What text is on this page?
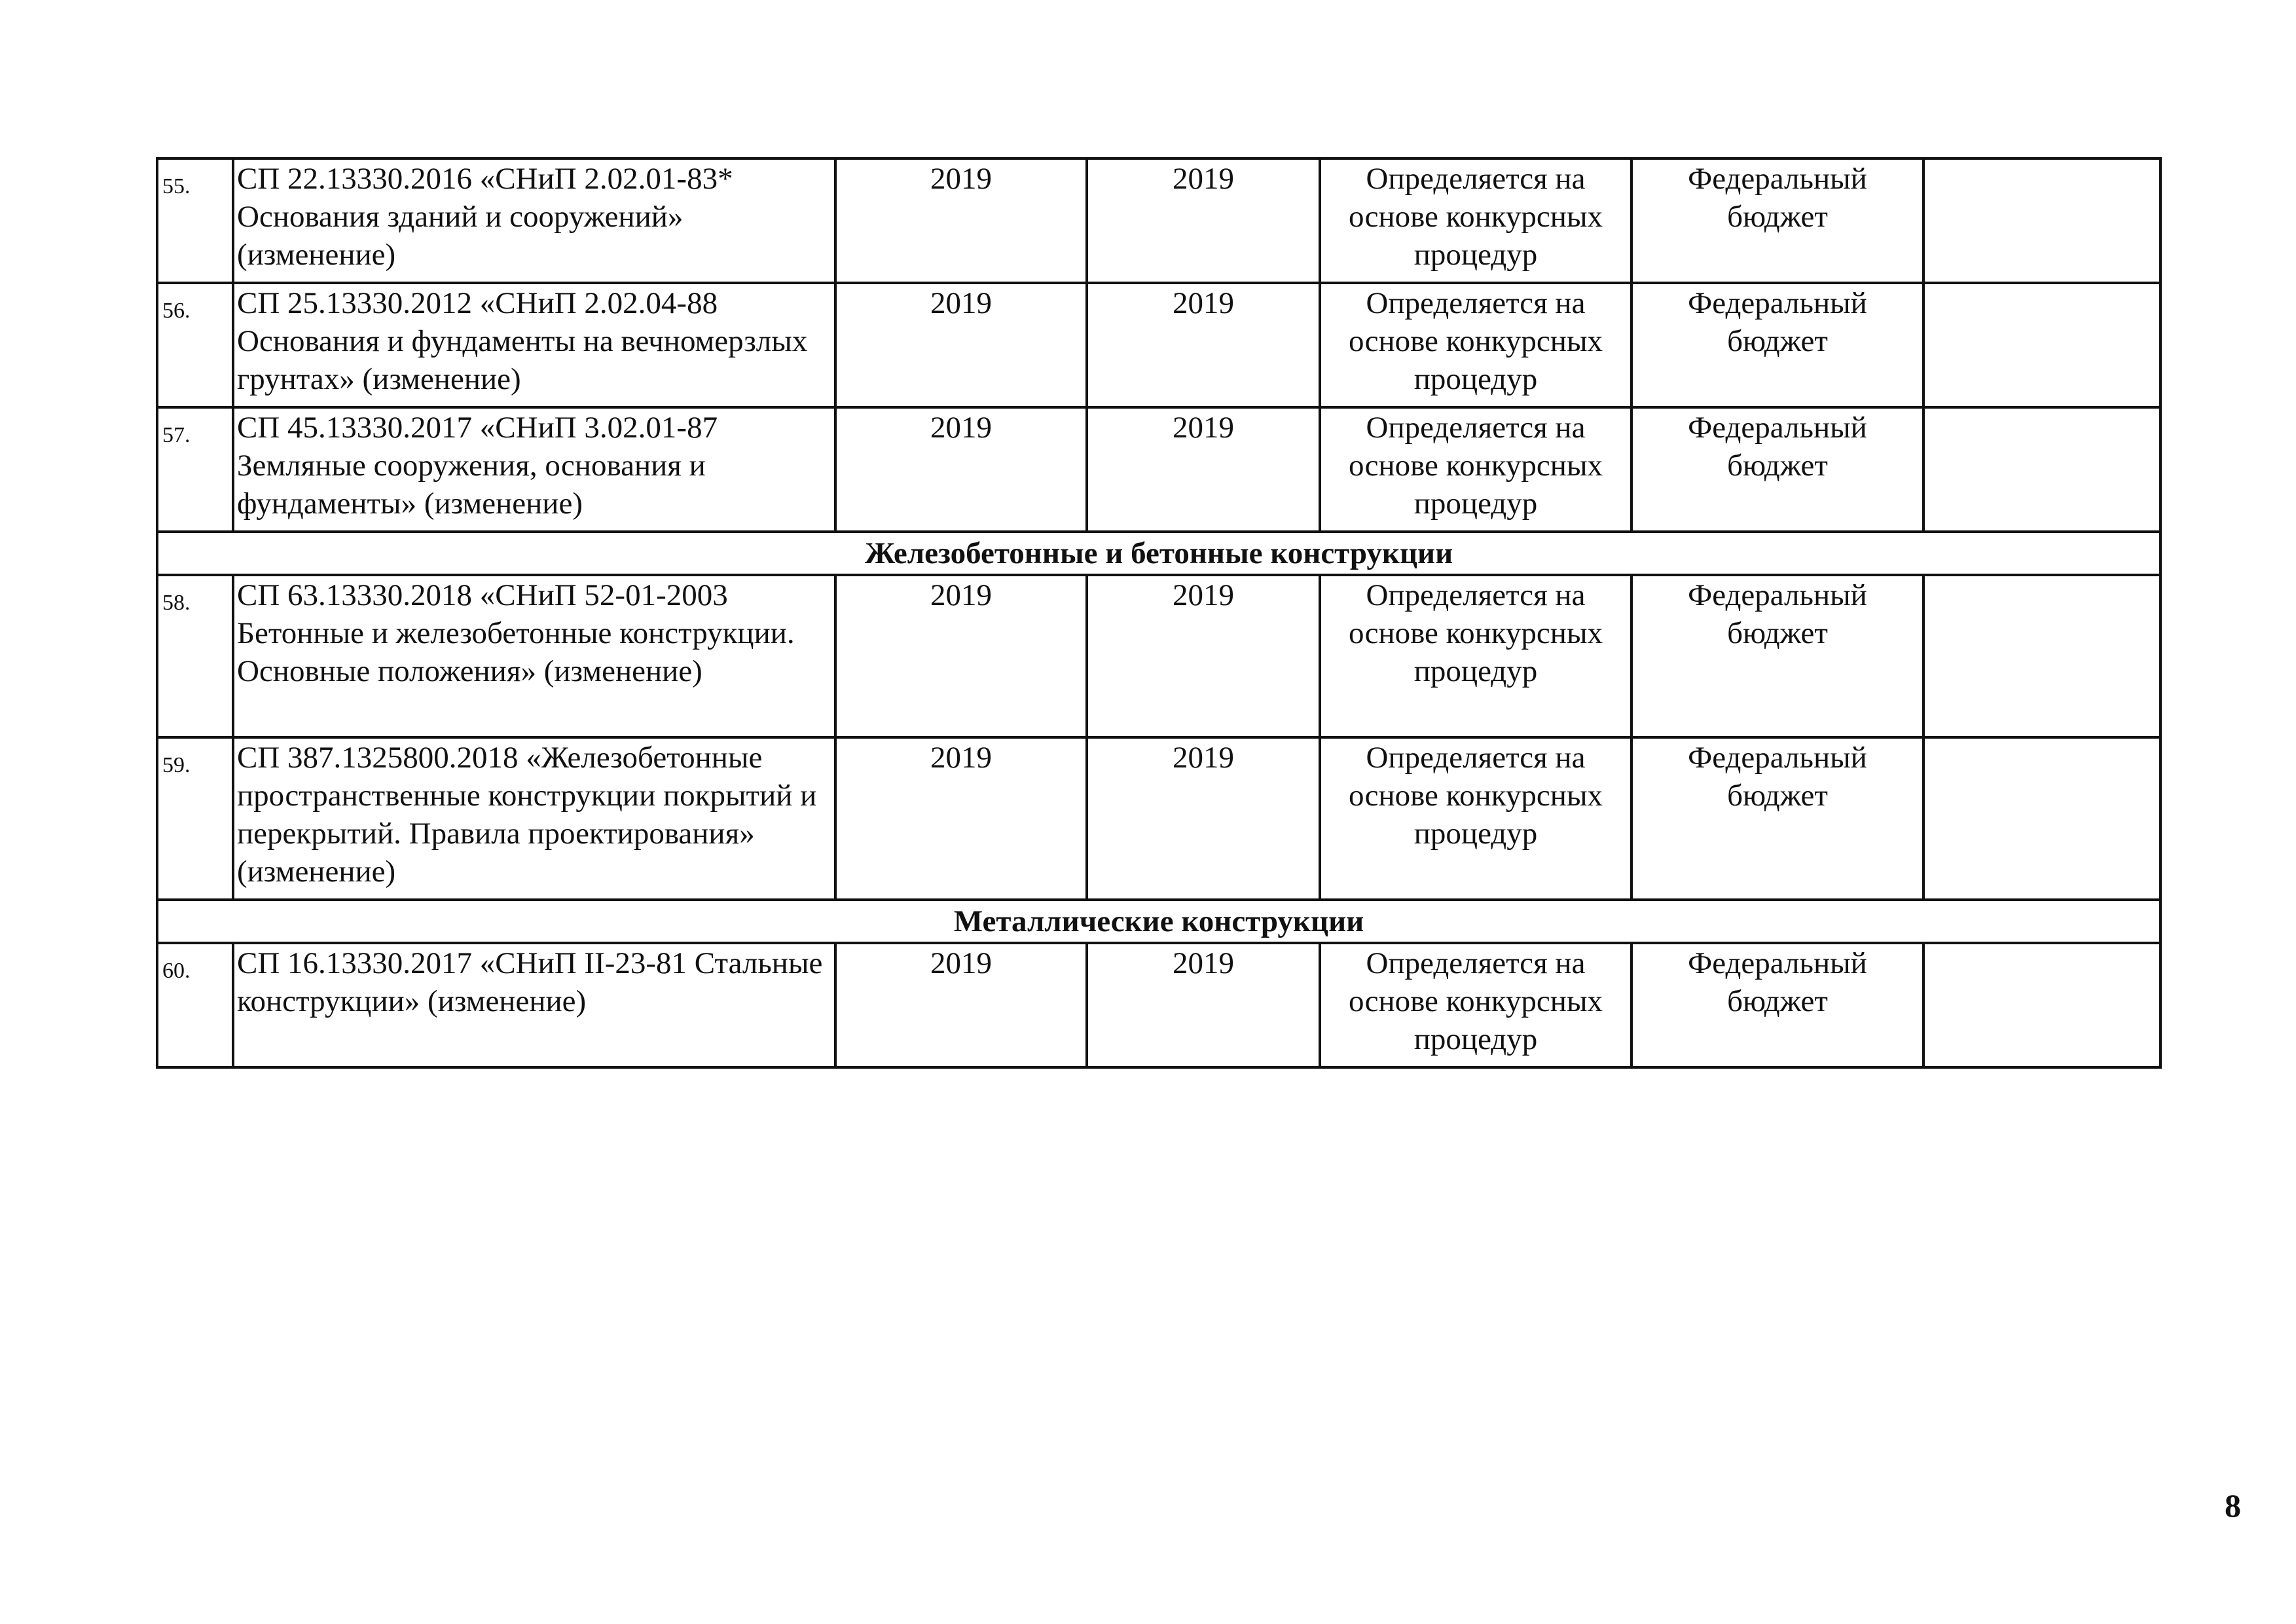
55.	СП 22.13330.2016 «СНиП 2.02.01-83* Основания зданий и сооружений» (изменение)	2019	2019	Определяется на основе конкурсных процедур	Федеральный бюджет	
56.	СП 25.13330.2012 «СНиП 2.02.04-88 Основания и фундаменты на вечномерзлых грунтах» (изменение)	2019	2019	Определяется на основе конкурсных процедур	Федеральный бюджет	
57.	СП 45.13330.2017 «СНиП 3.02.01-87 Земляные сооружения, основания и фундаменты» (изменение)	2019	2019	Определяется на основе конкурсных процедур	Федеральный бюджет	
Железобетонные и бетонные конструкции						
58.	СП 63.13330.2018 «СНиП 52-01-2003 Бетонные и железобетонные конструкции. Основные положения» (изменение)	2019	2019	Определяется на основе конкурсных процедур	Федеральный бюджет	
59.	СП 387.1325800.2018 «Железобетонные пространственные конструкции покрытий и перекрытий. Правила проектирования» (изменение)	2019	2019	Определяется на основе конкурсных процедур	Федеральный бюджет	
Металлические конструкции						
60.	СП 16.13330.2017 «СНиП II-23-81 Стальные конструкции» (изменение)	2019	2019	Определяется на основе конкурсных процедур	Федеральный бюджет	
8
